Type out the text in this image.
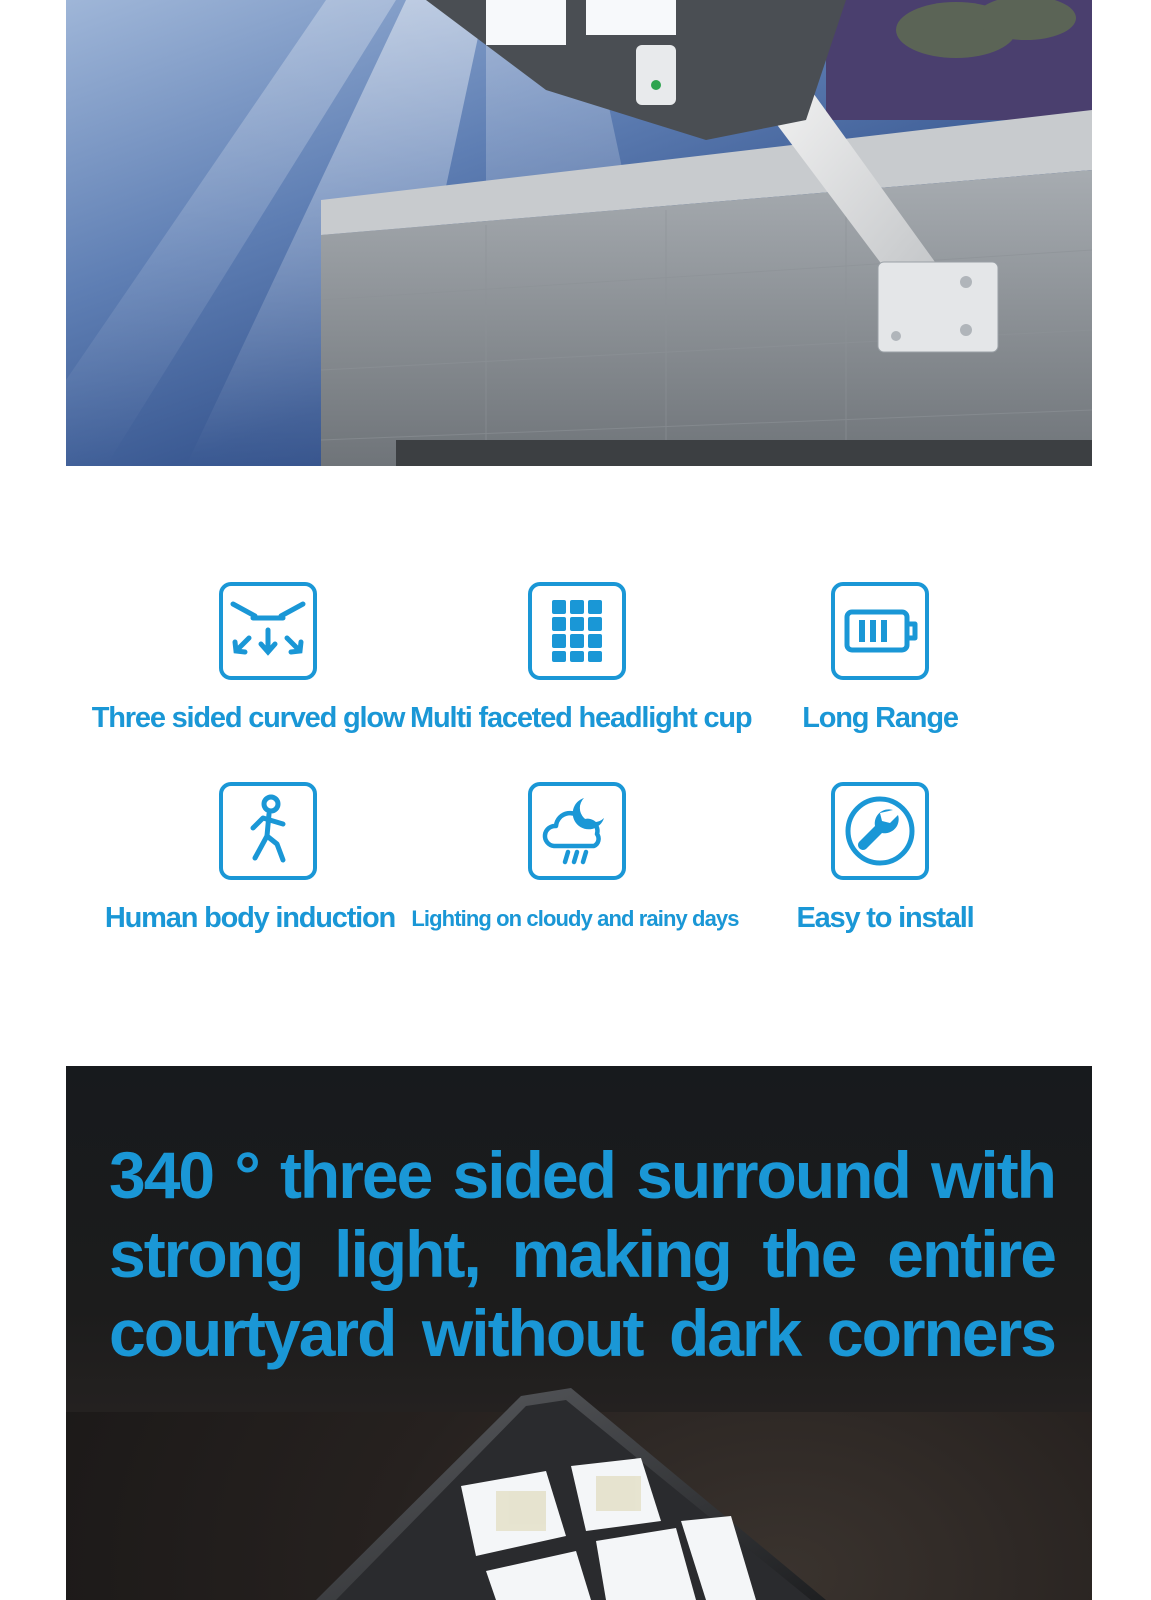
Three sided curved glow Multi faceted headlight cup	Long Range
Human body induction Lighting on cloudy and rainy days	Easy to install
340 ° three sided surround with strong light, making the entire courtyard without dark corners
